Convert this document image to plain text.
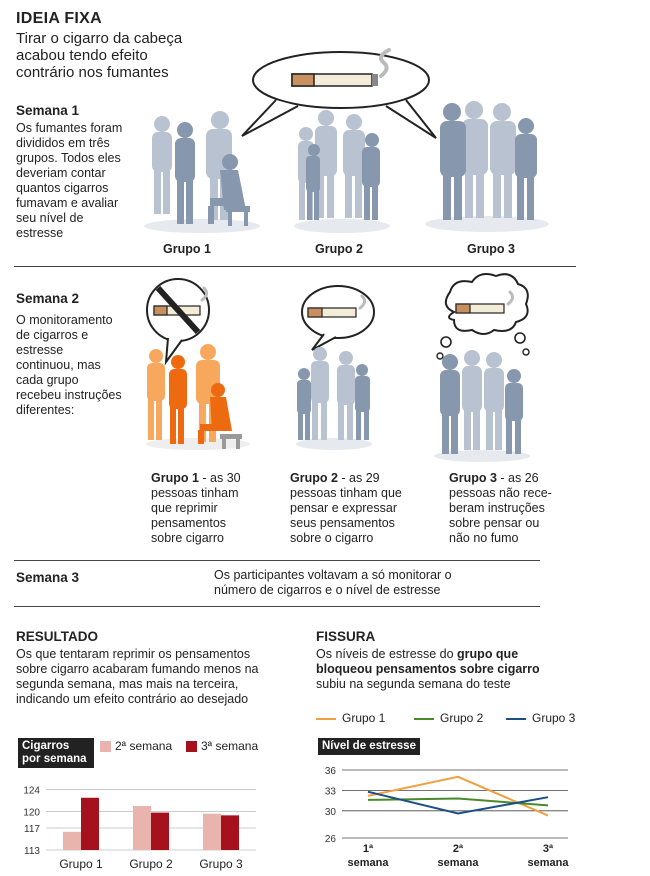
IDEIA FIXA
Tirar o cigarro da cabeça
acabou tendo efeito
contrário nos fumantes
Semana 1
Os fumantes foram
divididos em três
grupos. Todos eles
deveriam contar
quantos cigarros
fumavam e avaliar
seu nível de
estresse
Grupo 1	Grupo 2	Grupo 3
Semana 2
O monitoramento
de cigarros e
estresse
continuou, mas
cada grupo
recebeu instruções
diferentes:
Grupo 1 - as 30
pessoas tinham
que reprimir
pensamentos
sobre cigarro
Grupo 2 - as 29
pessoas tinham que
pensar e expressar
seus pensamentos
sobre o cigarro
Grupo 3 - as 26
pessoas não rece-
beram instruções
sobre pensar ou
não no fumo
Semana 3	Os participantes voltavam a só monitorar o
número de cigarros e o nível de estresse
RESULTADO
Os que tentaram reprimir os pensamentos
sobre cigarro acabaram fumando menos na
segunda semana, mas mais na terceira,
indicando um efeito contrário ao desejado
FISSURA
Os níveis de estresse do grupo que
bloqueou pensamentos sobre cigarro
subiu na segunda semana do teste
Cigarros
por semana
2ª semana	3ª semana
113
117
120
124
Grupo 1 Grupo 2 Grupo 3
Grupo 1	Grupo 2	Grupo 3
Nível de estresse
36
33
30
26
1ª
semana
2ª
semana
3ª
semana
